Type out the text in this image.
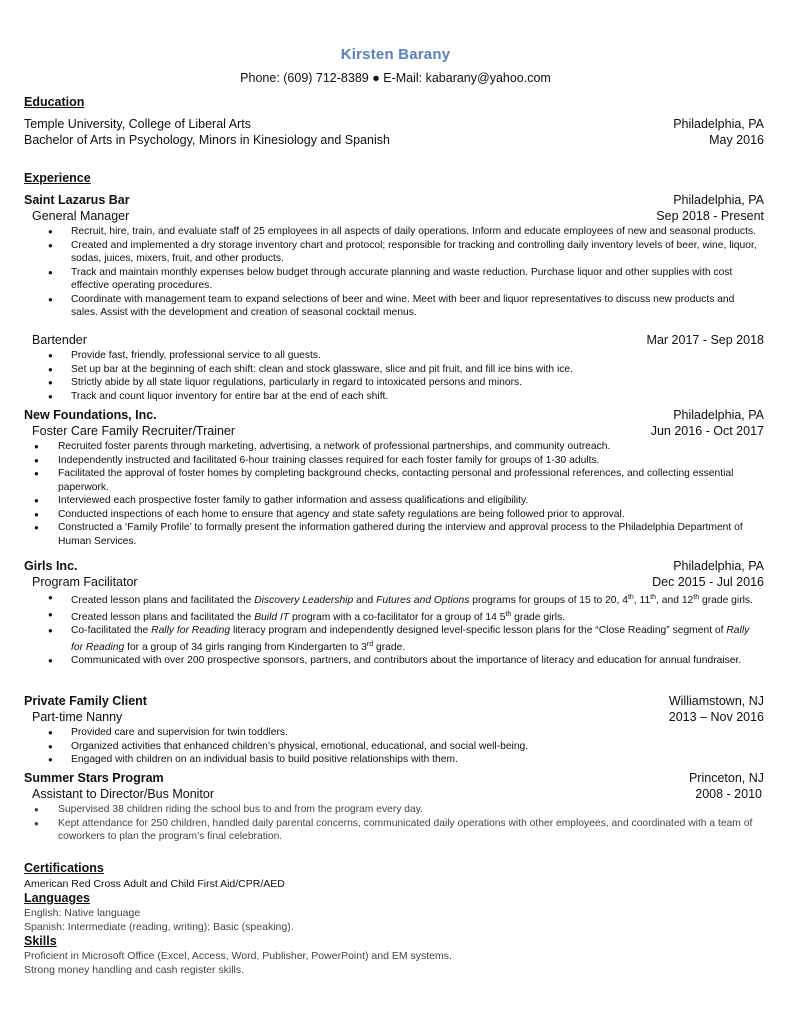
Kirsten Barany
Phone: (609) 712-8389 ● E-Mail: kabarany@yahoo.com
Education
Temple University, College of Liberal Arts	Philadelphia, PA
Bachelor of Arts in Psychology, Minors in Kinesiology and Spanish	May 2016
Experience
Saint Lazarus Bar	Philadelphia, PA
General Manager	Sep 2018 - Present
● Recruit, hire, train, and evaluate staff of 25 employees in all aspects of daily operations. Inform and educate employees of new and seasonal products.
● Created and implemented a dry storage inventory chart and protocol; responsible for tracking and controlling daily inventory levels of beer, wine, liquor, sodas, juices, mixers, fruit, and other products.
● Track and maintain monthly expenses below budget through accurate planning and waste reduction. Purchase liquor and other supplies with cost effective operating procedures.
● Coordinate with management team to expand selections of beer and wine. Meet with beer and liquor representatives to discuss new products and sales. Assist with the development and creation of seasonal cocktail menus.
Bartender	Mar 2017 - Sep 2018
● Provide fast, friendly, professional service to all guests.
● Set up bar at the beginning of each shift: clean and stock glassware, slice and pit fruit, and fill ice bins with ice.
● Strictly abide by all state liquor regulations, particularly in regard to intoxicated persons and minors.
● Track and count liquor inventory for entire bar at the end of each shift.
New Foundations, Inc.	Philadelphia, PA
Foster Care Family Recruiter/Trainer	Jun 2016 - Oct 2017
● Recruited foster parents through marketing, advertising, a network of professional partnerships, and community outreach.
● Independently instructed and facilitated 6-hour training classes required for each foster family for groups of 1-30 adults.
● Facilitated the approval of foster homes by completing background checks, contacting personal and professional references, and collecting essential paperwork.
● Interviewed each prospective foster family to gather information and assess qualifications and eligibility.
● Conducted inspections of each home to ensure that agency and state safety regulations are being followed prior to approval.
● Constructed a ‘Family Profile’ to formally present the information gathered during the interview and approval process to the Philadelphia Department of Human Services.
Girls Inc.	Philadelphia, PA
Program Facilitator	Dec 2015 - Jul 2016
● Created lesson plans and facilitated the Discovery Leadership and Futures and Options programs for groups of 15 to 20, 4th, 11th, and 12th grade girls.
● Created lesson plans and facilitated the Build IT program with a co-facilitator for a group of 14 5th grade girls.
● Co-facilitated the Rally for Reading literacy program and independently designed level-specific lesson plans for the “Close Reading” segment of Rally for Reading for a group of 34 girls ranging from Kindergarten to 3rd grade.
● Communicated with over 200 prospective sponsors, partners, and contributors about the importance of literacy and education for annual fundraiser.
Private Family Client	Williamstown, NJ
Part-time Nanny	2013 – Nov 2016
● Provided care and supervision for twin toddlers.
● Organized activities that enhanced children’s physical, emotional, educational, and social well-being.
● Engaged with children on an individual basis to build positive relationships with them.
Summer Stars Program	Princeton, NJ
Assistant to Director/Bus Monitor	2008 - 2010
● Supervised 38 children riding the school bus to and from the program every day.
● Kept attendance for 250 children, handled daily parental concerns, communicated daily operations with other employees, and coordinated with a team of coworkers to plan the program’s final celebration.
Certifications
American Red Cross Adult and Child First Aid/CPR/AED
Languages
English: Native language
Spanish: Intermediate (reading, writing); Basic (speaking).
Skills
Proficient in Microsoft Office (Excel, Access, Word, Publisher, PowerPoint) and EM systems.
Strong money handling and cash register skills.
